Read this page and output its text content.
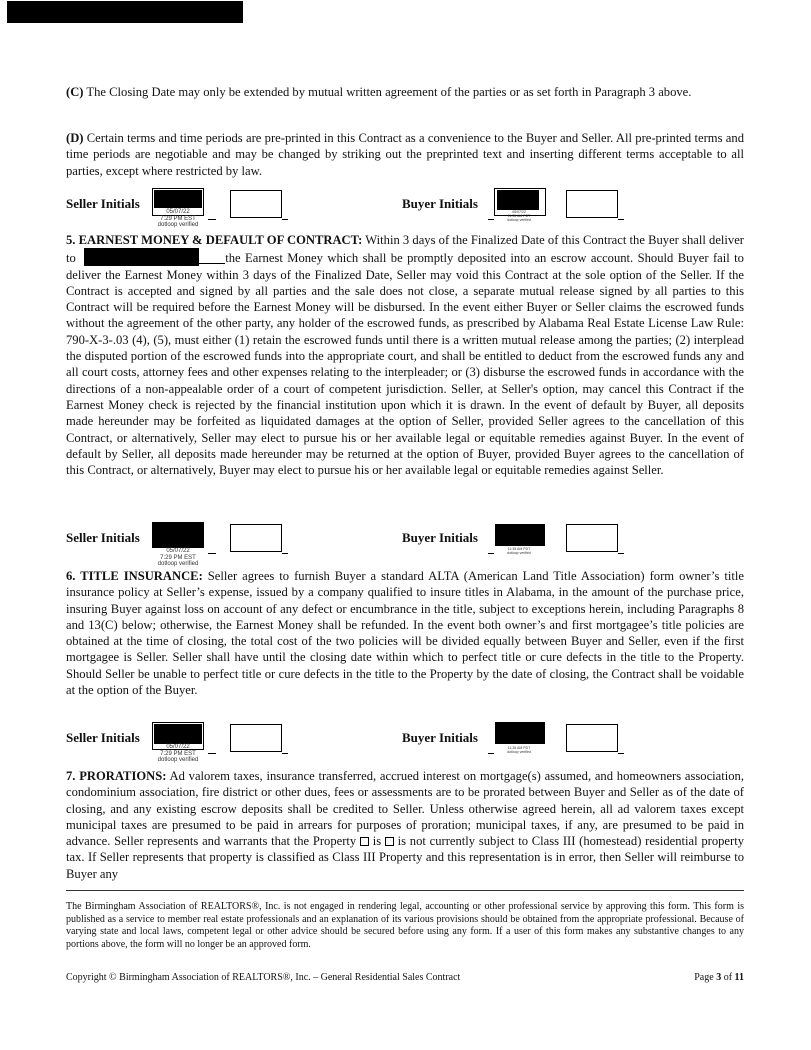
(C) The Closing Date may only be extended by mutual written agreement of the parties or as set forth in Paragraph 3 above.

(D) Certain terms and time periods are pre-printed in this Contract as a convenience to the Buyer and Seller. All pre-printed terms and time periods are negotiable and may be changed by striking out the preprinted text and inserting different terms acceptable to all parties, except where restricted by law.

Seller Initials
05/07/22
7:29 PM EST
dotloop verified
Buyer Initials
05/07/22
11:35 AM PDT
dotloop verified

5. EARNEST MONEY & DEFAULT OF CONTRACT: Within 3 days of the Finalized Date of this Contract the Buyer shall deliver to	the Earnest Money which shall be promptly deposited into an escrow account. Should Buyer fail to deliver the Earnest Money within 3 days of the Finalized Date, Seller may void this Contract at the sole option of the Seller. If the Contract is accepted and signed by all parties and the sale does not close, a separate mutual release signed by all parties to this Contract will be required before the Earnest Money will be disbursed. In the event either Buyer or Seller claims the escrowed funds without the agreement of the other party, any holder of the escrowed funds, as prescribed by Alabama Real Estate License Law Rule: 790-X-3-.03 (4), (5), must either (1) retain the escrowed funds until there is a written mutual release among the parties; (2) interplead the disputed portion of the escrowed funds into the appropriate court, and shall be entitled to deduct from the escrowed funds any and all court costs, attorney fees and other expenses relating to the interpleader; or (3) disburse the escrowed funds in accordance with the directions of a non-appealable order of a court of competent jurisdiction. Seller, at Seller's option, may cancel this Contract if the Earnest Money check is rejected by the financial institution upon which it is drawn. In the event of default by Buyer, all deposits made hereunder may be forfeited as liquidated damages at the option of Seller, provided Seller agrees to the cancellation of this Contract, or alternatively, Seller may elect to pursue his or her available legal or equitable remedies against Buyer. In the event of default by Seller, all deposits made hereunder may be returned at the option of Buyer, provided Buyer agrees to the cancellation of this Contract, or alternatively, Buyer may elect to pursue his or her available legal or equitable remedies against Seller.

Seller Initials
05/07/22
7:29 PM EST
dotloop verified
Buyer Initials
11:35 AM PDT
dotloop verified

6. TITLE INSURANCE: Seller agrees to furnish Buyer a standard ALTA (American Land Title Association) form owner’s title insurance policy at Seller’s expense, issued by a company qualified to insure titles in Alabama, in the amount of the purchase price, insuring Buyer against loss on account of any defect or encumbrance in the title, subject to exceptions herein, including Paragraphs 8 and 13(C) below; otherwise, the Earnest Money shall be refunded. In the event both owner’s and first mortgagee’s title policies are obtained at the time of closing, the total cost of the two policies will be divided equally between Buyer and Seller, even if the first mortgagee is Seller. Seller shall have until the closing date within which to perfect title or cure defects in the title to the Property. Should Seller be unable to perfect title or cure defects in the title to the Property by the date of closing, the Contract shall be voidable at the option of the Buyer.

Seller Initials
05/07/22
7:29 PM EST
dotloop verified
Buyer Initials
11:35 AM PDT
dotloop verified

7. PRORATIONS: Ad valorem taxes, insurance transferred, accrued interest on mortgage(s) assumed, and homeowners association, condominium association, fire district or other dues, fees or assessments are to be prorated between Buyer and Seller as of the date of closing, and any existing escrow deposits shall be credited to Seller. Unless otherwise agreed herein, all ad valorem taxes except municipal taxes are presumed to be paid in arrears for purposes of proration; municipal taxes, if any, are presumed to be paid in advance. Seller represents and warrants that the Property  is  is not currently subject to Class III (homestead) residential property tax. If Seller represents that property is classified as Class III Property and this representation is in error, then Seller will reimburse to Buyer any

The Birmingham Association of REALTORS®, Inc. is not engaged in rendering legal, accounting or other professional service by approving this form. This form is published as a service to member real estate professionals and an explanation of its various provisions should be obtained from the appropriate professional. Because of varying state and local laws, competent legal or other advice should be secured before using any form. If a user of this form makes any substantive changes to any portions above, the form will no longer be an approved form.
Copyright © Birmingham Association of REALTORS®, Inc. – General Residential Sales Contract	Page 3 of 11
